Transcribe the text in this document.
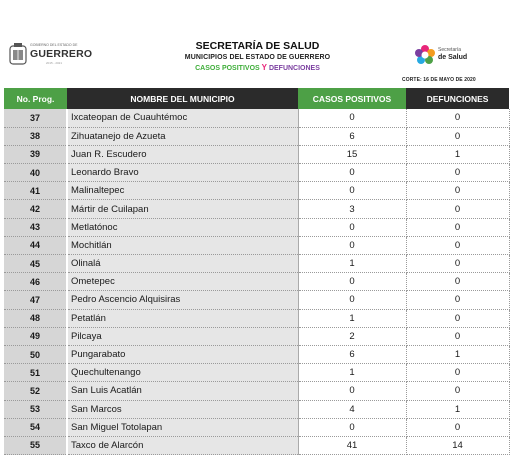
GOBIERNO DEL ESTADO DE
GUERRERO
2015 - 2021
SECRETARÍA DE SALUD
MUNICIPIOS DEL ESTADO DE GUERRERO
CASOS POSITIVOS Y DEFUNCIONES
Secretaría
de Salud
CORTE: 16 DE MAYO DE 2020
No. Prog.	NOMBRE DEL MUNICIPIO	CASOS POSITIVOS	DEFUNCIONES
37	Ixcateopan de Cuauhtémoc	0	0
38	Zihuatanejo de Azueta	6	0
39	Juan R. Escudero	15	1
40	Leonardo Bravo	0	0
41	Malinaltepec	0	0
42	Mártir de Cuilapan	3	0
43	Metlatónoc	0	0
44	Mochitlán	0	0
45	Olinalá	1	0
46	Ometepec	0	0
47	Pedro Ascencio Alquisiras	0	0
48	Petatlán	1	0
49	Pilcaya	2	0
50	Pungarabato	6	1
51	Quechultenango	1	0
52	San Luis Acatlán	0	0
53	San Marcos	4	1
54	San Miguel Totolapan	0	0
55	Taxco de Alarcón	41	14
